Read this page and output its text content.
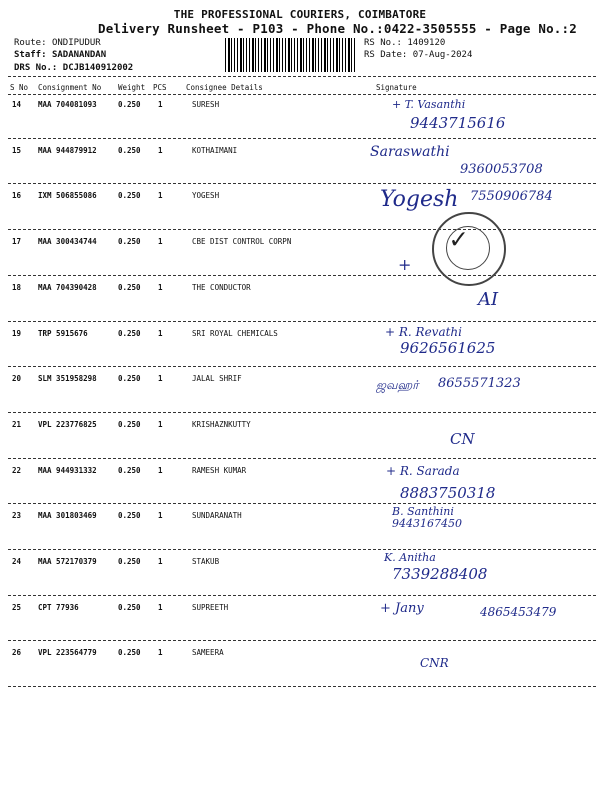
THE PROFESSIONAL COURIERS, COIMBATORE
Delivery Runsheet - P103 - Phone No.:0422-3505555 - Page No.:2
Route: ONDIPUDUR
Staff: SADANANDAN
DRS No.: DCJB140912002
RS No.: 1409120
RS Date: 07-Aug-2024
S No Consignment No Weight PCS	Consignee Details	Signature
14 MAA 704081093	0.250 1	SURESH	+ T. Vasanthi
9443715616
15 MAA 944879912	0.250 1	KOTHAIMANI	Saraswathi
9360053708
16 IXM 506855086	0.250 1	YOGESH	Yogesh 7550906784
17 MAA 300434744	0.250 1	CBE DIST CONTROL CORPN
+
18 MAA 704390428	0.250 1	THE CONDUCTOR
AI
19 TRP 5915676	0.250 1	SRI ROYAL CHEMICALS	+ R. Revathi
9626561625
20 SLM 351958298	0.250 1	JALAL SHRIF	ஜவஹர் 8655571323
21 VPL 223776825	0.250 1	KRISHAZNKUTTY
CN
22 MAA 944931332	0.250 1	RAMESH KUMAR	+ R. Sarada
8883750318
23 MAA 301803469	0.250 1	SUNDARANATH	B. Santhini
9443167450
24 MAA 572170379	0.250 1	STAKUB	K. Anitha
7339288408
25 CPT 77936	0.250 1	SUPREETH	+ Jany	4865453479
26 VPL 223564779	0.250 1	SAMEERA
CNR
✓
